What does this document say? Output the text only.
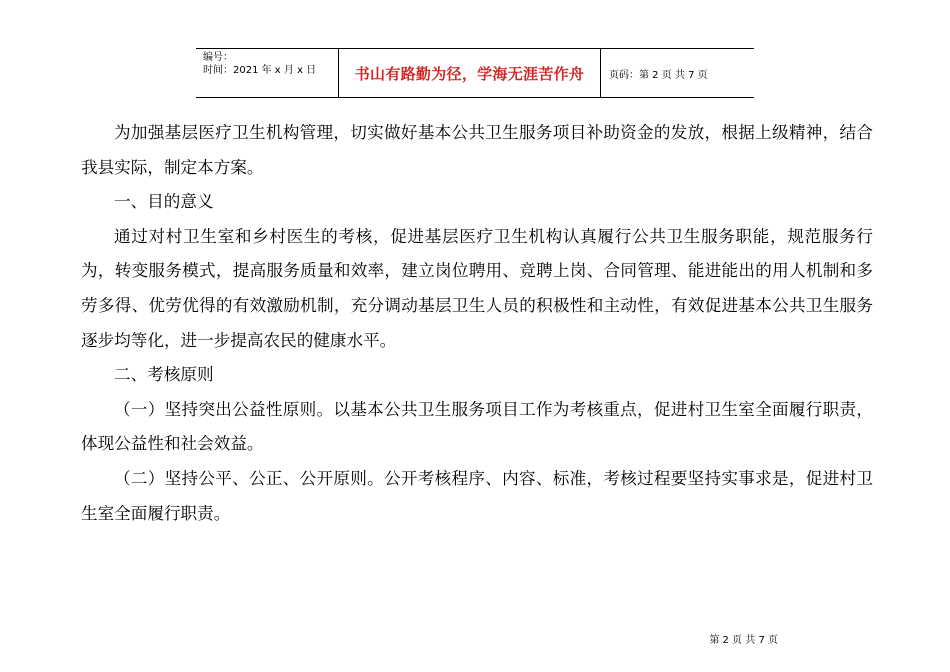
编号：
时间：2021 年 x 月 x 日	书山有路勤为径，学海无涯苦作舟 页码：第 2 页 共 7 页

为加强基层医疗卫生机构管理，切实做好基本公共卫生服务项目补助资金的发放，根据上级精神，结合我县实际，制定本方案。

一、目的意义

通过对村卫生室和乡村医生的考核，促进基层医疗卫生机构认真履行公共卫生服务职能，规范服务行为，转变服务模式，提高服务质量和效率，建立岗位聘用、竞聘上岗、合同管理、能进能出的用人机制和多劳多得、优劳优得的有效激励机制，充分调动基层卫生人员的积极性和主动性，有效促进基本公共卫生服务逐步均等化，进一步提高农民的健康水平。

二、考核原则

（一）坚持突出公益性原则。以基本公共卫生服务项目工作为考核重点，促进村卫生室全面履行职责，体现公益性和社会效益。

（二）坚持公平、公正、公开原则。公开考核程序、内容、标准，考核过程要坚持实事求是，促进村卫生室全面履行职责。

第 2 页 共 7 页
